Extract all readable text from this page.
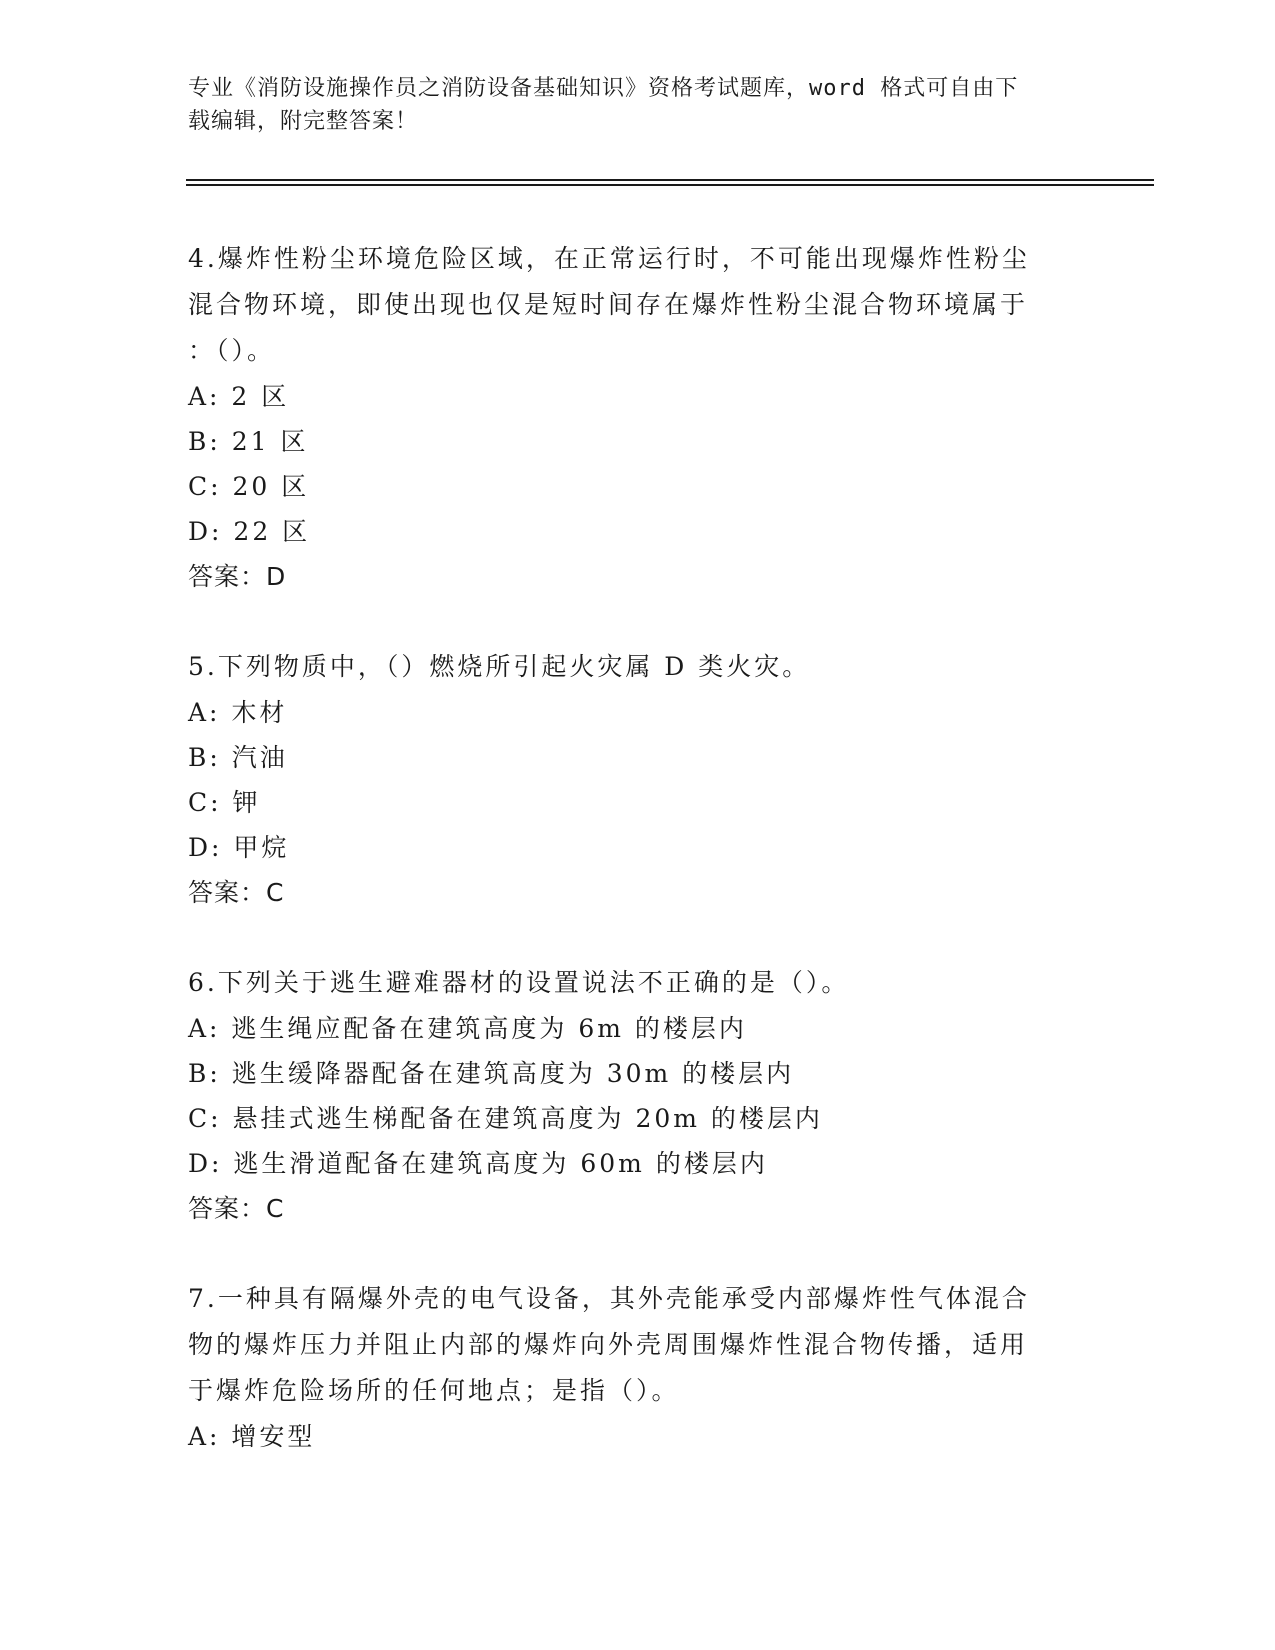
专业《消防设施操作员之消防设备基础知识》资格考试题库，word 格式可自由下
载编辑，附完整答案！

4.爆炸性粉尘环境危险区域，在正常运行时，不可能出现爆炸性粉尘

混合物环境，即使出现也仅是短时间存在爆炸性粉尘混合物环境属于

：（）。

A: 2 区

B: 21 区

C: 20 区

D: 22 区

答案：D

5.下列物质中，（）燃烧所引起火灾属 D 类火灾。

A: 木材

B: 汽油

C: 钾

D: 甲烷

答案：C

6.下列关于逃生避难器材的设置说法不正确的是（）。

A: 逃生绳应配备在建筑高度为 6m 的楼层内

B: 逃生缓降器配备在建筑高度为 30m 的楼层内

C: 悬挂式逃生梯配备在建筑高度为 20m 的楼层内

D: 逃生滑道配备在建筑高度为 60m 的楼层内

答案：C

7.一种具有隔爆外壳的电气设备，其外壳能承受内部爆炸性气体混合

物的爆炸压力并阻止内部的爆炸向外壳周围爆炸性混合物传播，适用

于爆炸危险场所的任何地点；是指（）。

A: 增安型
